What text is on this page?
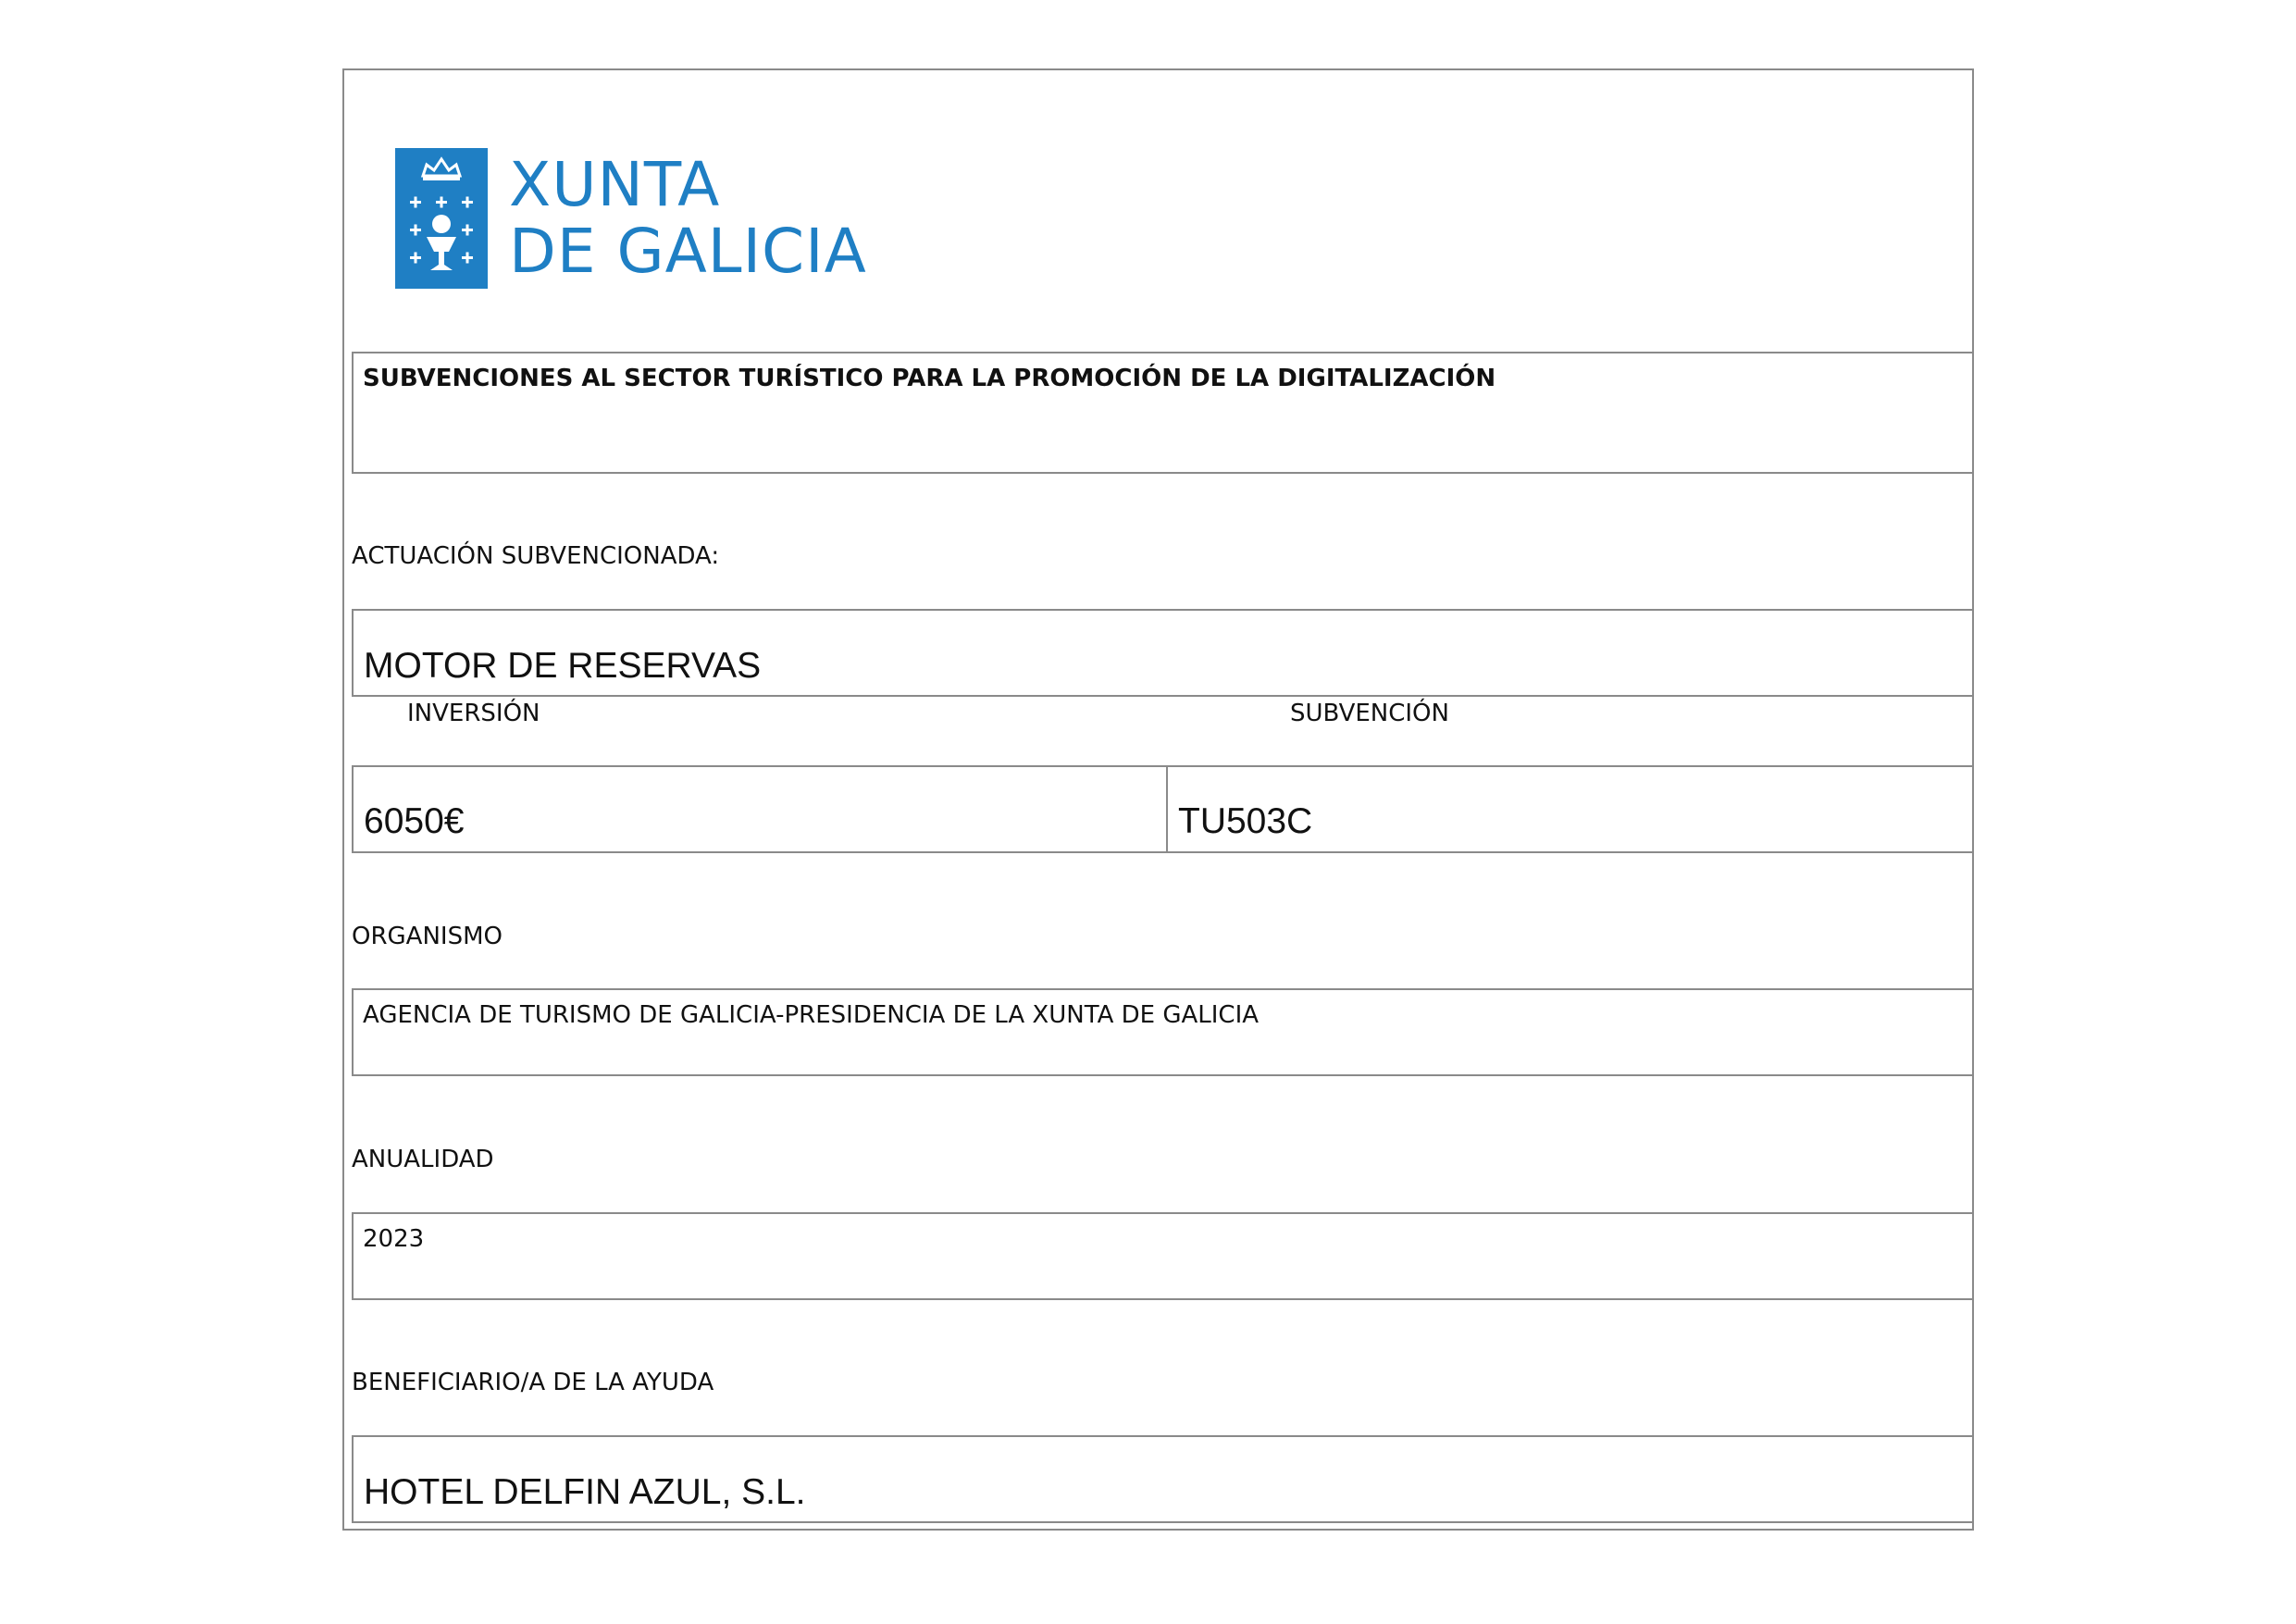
XUNTA
DE GALICIA
SUBVENCIONES AL SECTOR TURÍSTICO PARA LA PROMOCIÓN DE LA DIGITALIZACIÓN
ACTUACIÓN SUBVENCIONADA:
MOTOR DE RESERVAS
INVERSIÓN	SUBVENCIÓN
6050€	TU503C
ORGANISMO
AGENCIA DE TURISMO DE GALICIA-PRESIDENCIA DE LA XUNTA DE GALICIA
ANUALIDAD
2023
BENEFICIARIO/A DE LA AYUDA
HOTEL DELFIN AZUL, S.L.
